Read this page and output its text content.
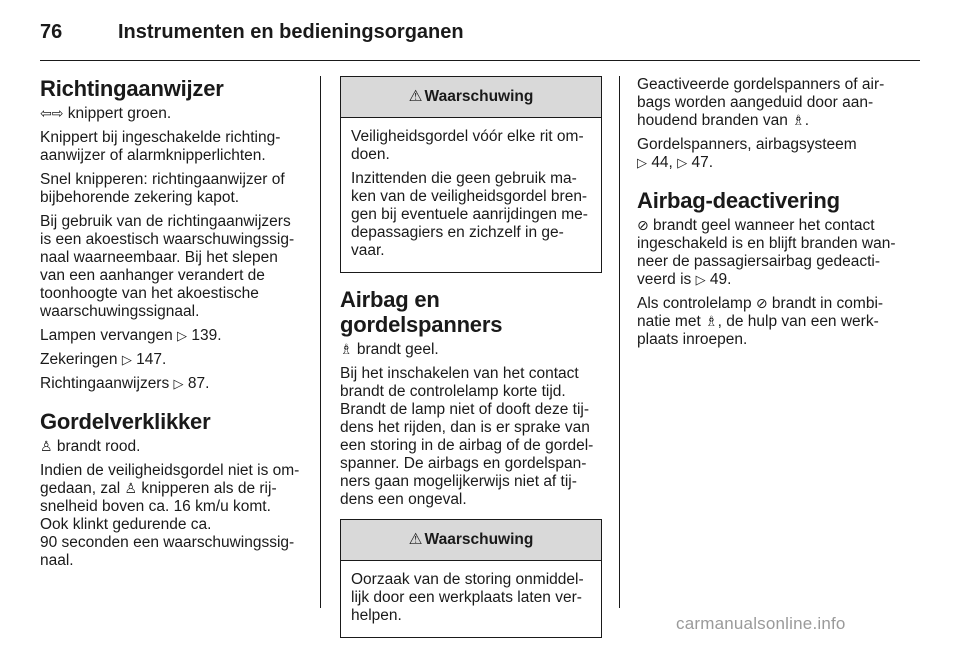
76	Instrumenten en bedieningsorganen
Richtingaanwijzer
⇦⇨ knippert groen.
Knippert bij ingeschakelde richting-aanwijzer of alarmknipperlichten.
Snel knipperen: richtingaanwijzer of bijbehorende zekering kapot.
Bij gebruik van de richtingaanwijzers is een akoestisch waarschuwingssig-naal waarneembaar. Bij het slepen van een aanhanger verandert de toonhoogte van het akoestische waarschuwingssignaal.
Lampen vervangen ▷ 139.
Zekeringen ▷ 147.
Richtingaanwijzers ▷ 87.
Gordelverklikker
♙ brandt rood.
Indien de veiligheidsgordel niet is om-gedaan, zal ♙ knipperen als de rij-snelheid boven ca. 16 km/u komt.
Ook klinkt gedurende ca.
90 seconden een waarschuwingssig-naal.
⚠ Waarschuwing
Veiligheidsgordel vóór elke rit om-doen.
Inzittenden die geen gebruik ma-ken van de veiligheidsgordel bren-gen bij eventuele aanrijdingen me-depassagiers en zichzelf in ge-vaar.
Airbag en gordelspanners
♗ brandt geel.
Bij het inschakelen van het contact brandt de controlelamp korte tijd. Brandt de lamp niet of dooft deze tij-dens het rijden, dan is er sprake van een storing in de airbag of de gordel-spanner. De airbags en gordelspan-ners gaan mogelijkerwijs niet af tij-dens een ongeval.
⚠ Waarschuwing
Oorzaak van de storing onmiddel-lijk door een werkplaats laten ver-helpen.
Geactiveerde gordelspanners of air-bags worden aangeduid door aan-houdend branden van ♗.
Gordelspanners, airbagsysteem
▷ 44, ▷ 47.
Airbag-deactivering
⊘ brandt geel wanneer het contact ingeschakeld is en blijft branden wan-neer de passagiersairbag gedeacti-veerd is ▷ 49.
Als controlelamp ⊘ brandt in combi-natie met ♗, de hulp van een werk-plaats inroepen.
carmanualsonline.info
